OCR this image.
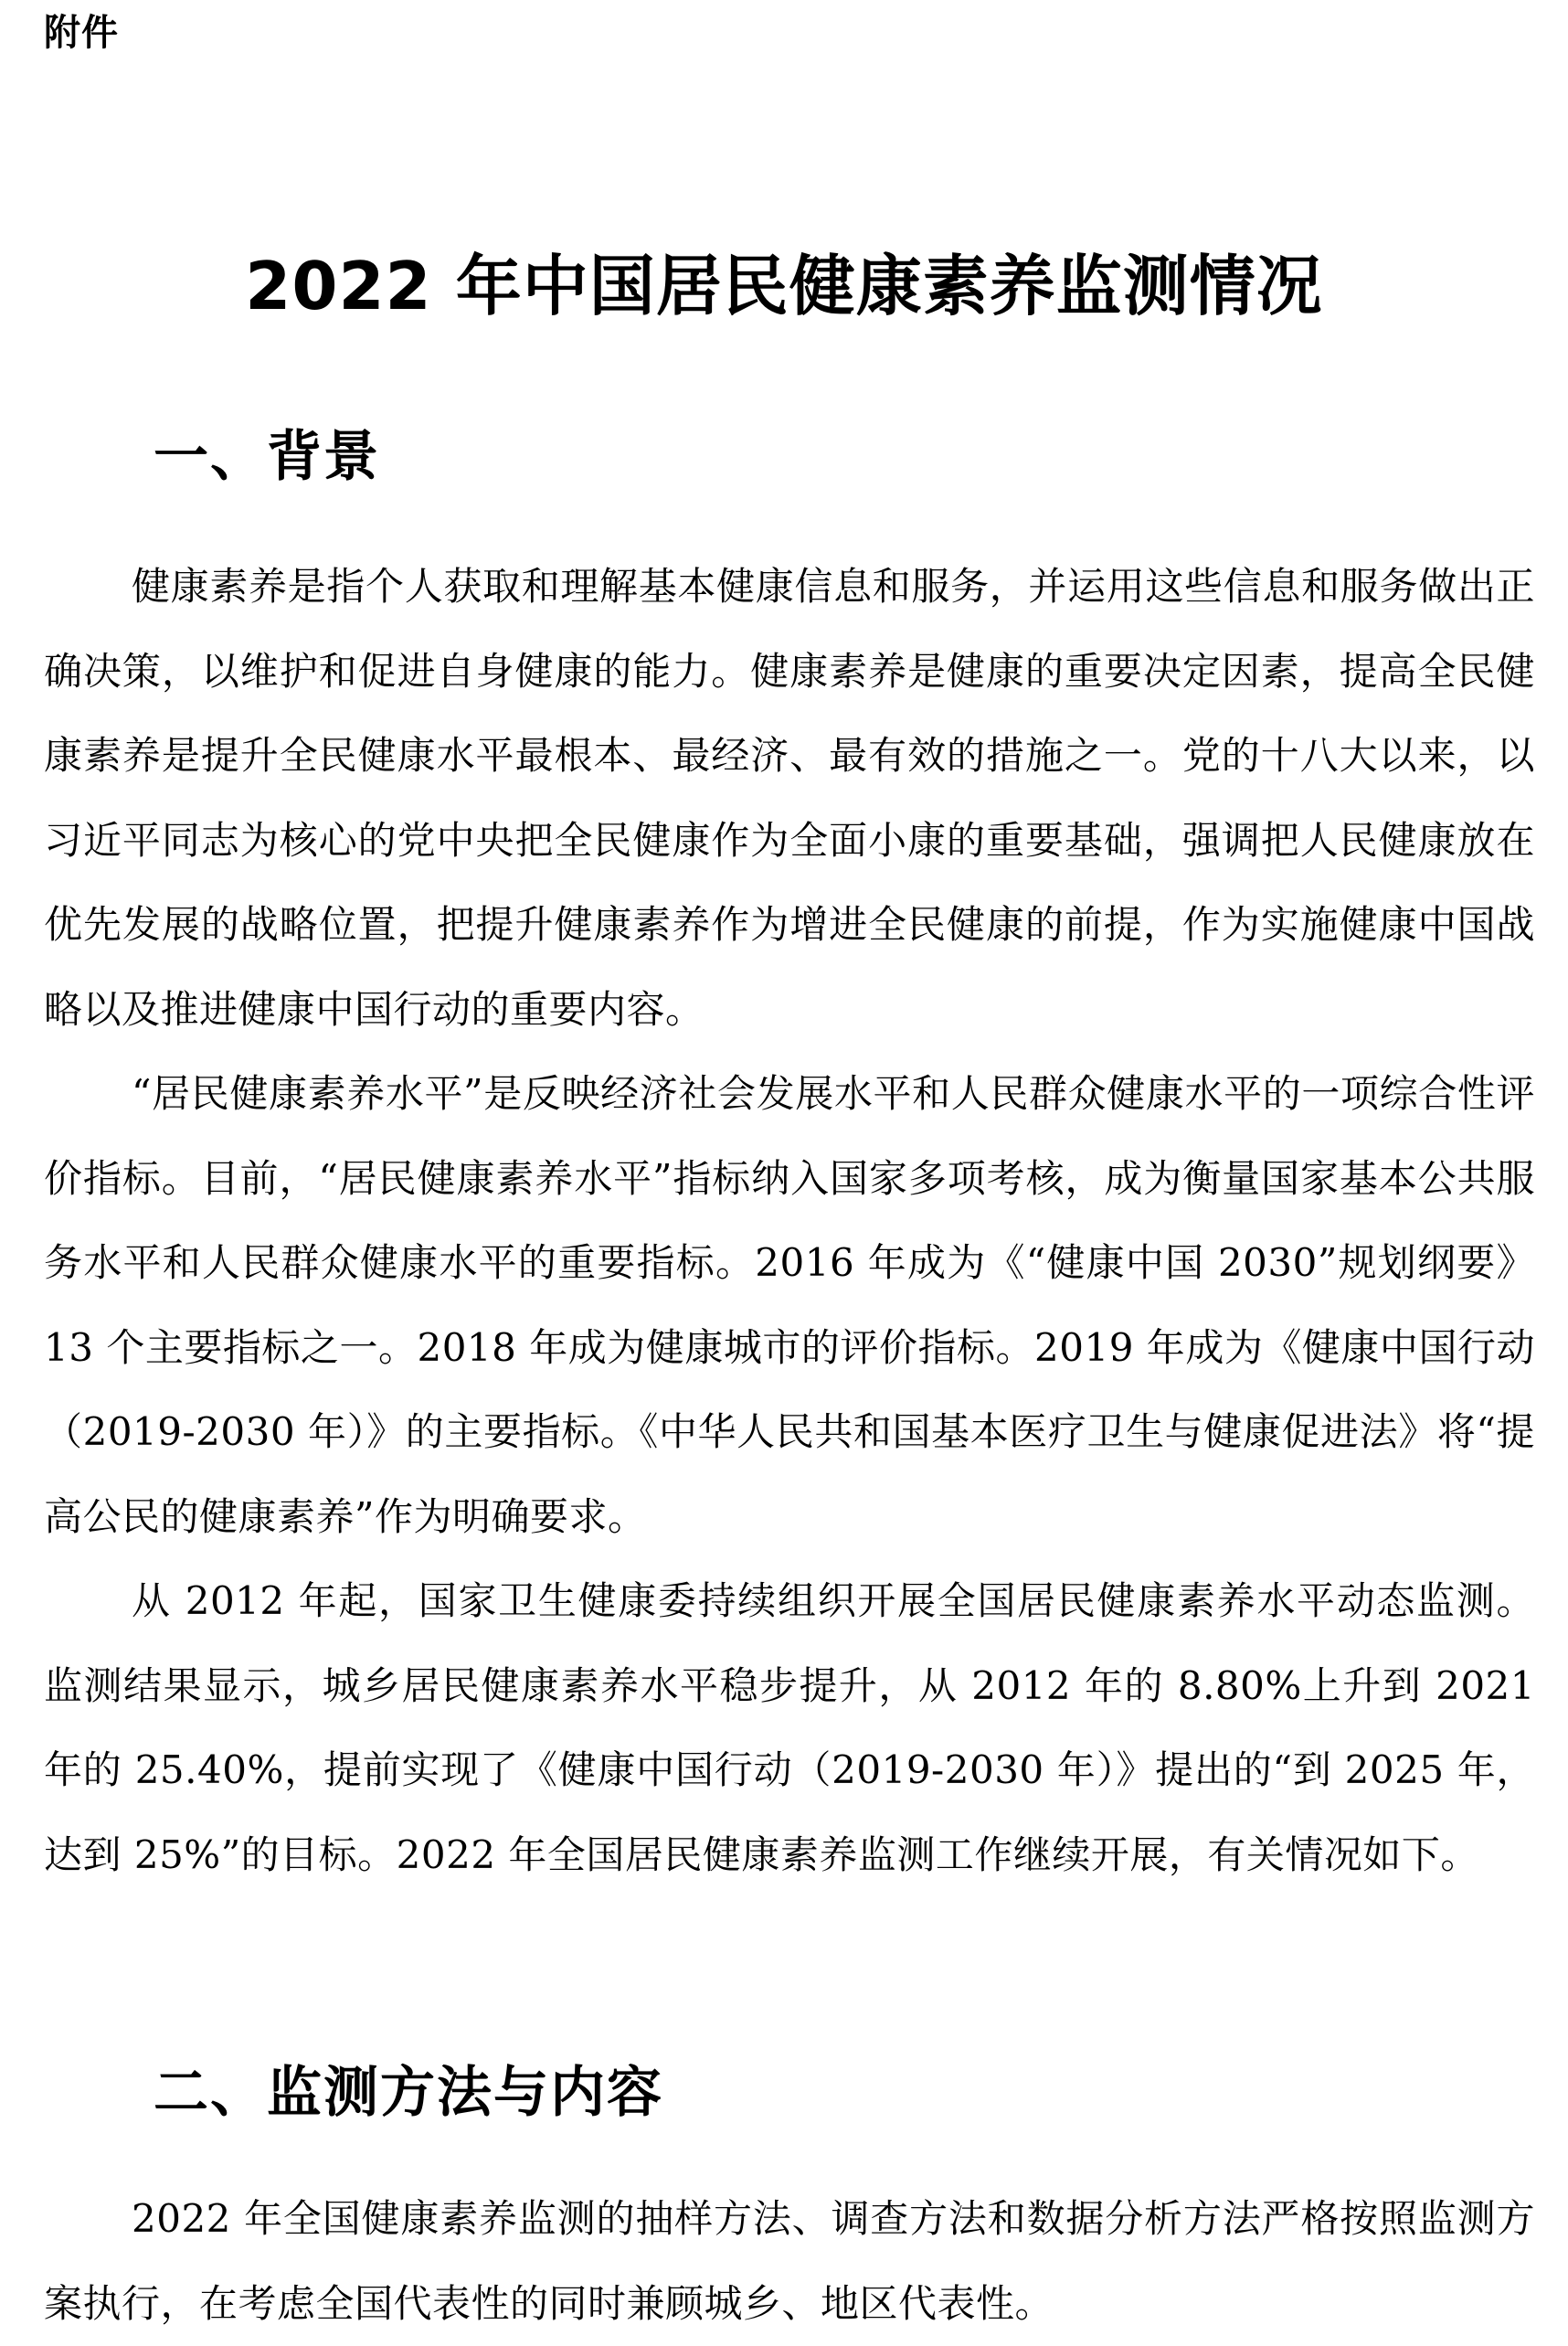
附件
2022 年中国居民健康素养监测情况
一、背景

健康素养是指个人获取和理解基本健康信息和服务，并运用这些信息和服务做出正确决策，以维护和促进自身健康的能力。健康素养是健康的重要决定因素，提高全民健康素养是提升全民健康水平最根本、最经济、最有效的措施之一。党的十八大以来，以习近平同志为核心的党中央把全民健康作为全面小康的重要基础，强调把人民健康放在优先发展的战略位置，把提升健康素养作为增进全民健康的前提，作为实施健康中国战略以及推进健康中国行动的重要内容。

“居民健康素养水平”是反映经济社会发展水平和人民群众健康水平的一项综合性评价指标。目前，“居民健康素养水平”指标纳入国家多项考核，成为衡量国家基本公共服务水平和人民群众健康水平的重要指标。2016 年成为《“健康中国 2030”规划纲要》13 个主要指标之一。2018 年成为健康城市的评价指标。2019 年成为《健康中国行动（2019-2030 年）》的主要指标。《中华人民共和国基本医疗卫生与健康促进法》将“提高公民的健康素养”作为明确要求。

从 2012 年起，国家卫生健康委持续组织开展全国居民健康素养水平动态监测。监测结果显示，城乡居民健康素养水平稳步提升，从 2012 年的 8.80%上升到 2021 年的 25.40%，提前实现了《健康中国行动（2019-2030 年）》提出的“到 2025 年，达到 25%”的目标。2022 年全国居民健康素养监测工作继续开展，有关情况如下。

二、监测方法与内容

2022 年全国健康素养监测的抽样方法、调查方法和数据分析方法严格按照监测方案执行，在考虑全国代表性的同时兼顾城乡、地区代表性。
